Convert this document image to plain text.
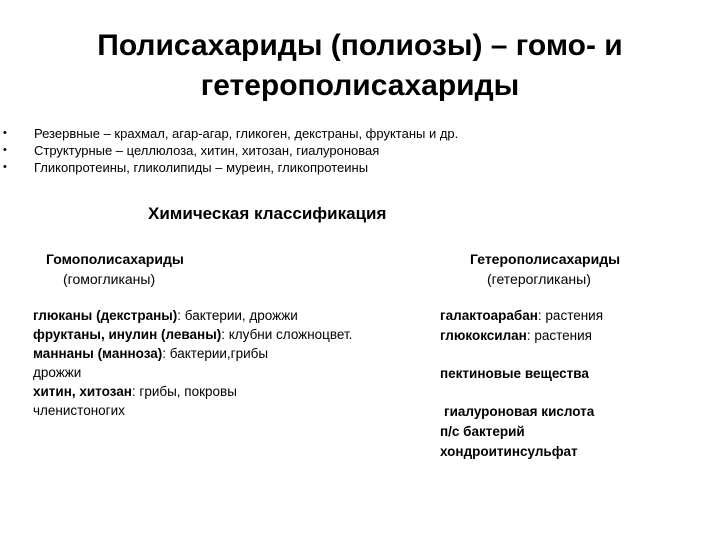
Полисахариды (полиозы) – гомо- и
гетерополисахариды
• Резервные – крахмал, агар-агар, гликоген, декстраны, фруктаны и др.
• Структурные – целлюлоза, хитин, хитозан, гиалуроновая
• Гликопротеины, гликолипиды – муреин, гликопротеины
Химическая классификация
Гомополисахариды
(гомогликаны)
Гетерополисахариды
(гетерогликаны)
глюканы (декстраны): бактерии, дрожжи
фруктаны, инулин (леваны): клубни сложноцвет.
маннаны (манноза): бактерии,грибы
дрожжи
хитин, хитозан: грибы, покровы
членистоногих
галактоарабан: растения
глюкоксилан: растения
пектиновые вещества
гиалуроновая кислота
п/с бактерий
хондроитинсульфат
